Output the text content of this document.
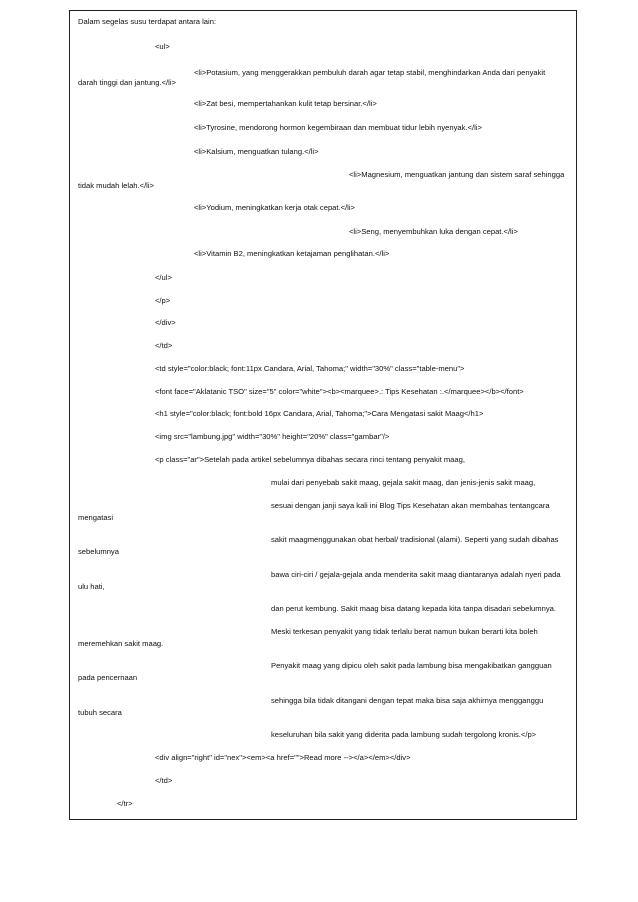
Dalam segelas susu terdapat antara lain:
<ul>
<li>Potasium, yang menggerakkan pembuluh darah agar tetap stabil, menghindarkan Anda dari penyakit
darah tinggi dan jantung.</li>
<li>Zat besi, mempertahankan kulit tetap bersinar.</li>
<li>Tyrosine, mendorong hormon kegembiraan dan membuat tidur lebih nyenyak.</li>
<li>Kalsium, menguatkan tulang.</li>
<li>Magnesium, menguatkan jantung dan sistem saraf sehingga
tidak mudah lelah.</li>
<li>Yodium, meningkatkan kerja otak cepat.</li>
<li>Seng, menyembuhkan luka dengan cepat.</li>
<li>Vitamin B2, meningkatkan ketajaman penglihatan.</li>
</ul>
</p>
</div>
</td>
<td style="color:black; font:11px Candara, Arial, Tahoma;" width="30%" class="table-menu">
<font face="Aklatanic TSO" size="5" color="white"><b><marquee>.: Tips Kesehatan :.</marquee></b></font>
<h1 style="color:black; font:bold 16px Candara, Arial, Tahoma;">Cara Mengatasi sakit Maag</h1>
<img src="lambung.jpg" width="30%" height="20%" class="gambar"/>
<p class="ar">Setelah pada artikel sebelumnya dibahas secara rinci tentang penyakit maag,
mulai dari penyebab sakit maag, gejala sakit maag, dan jenis-jenis sakit maag,
sesuai dengan janji saya kali ini Blog Tips Kesehatan akan membahas tentangcara
mengatasi
sakit maagmenggunakan obat herbal/ tradisional (alami). Seperti yang sudah dibahas
sebelumnya
bawa ciri-ciri / gejala-gejala anda menderita sakit maag diantaranya adalah nyeri pada
ulu hati,
dan perut kembung. Sakit maag bisa datang kepada kita tanpa disadari sebelumnya.
Meski terkesan penyakit yang tidak terlalu berat namun bukan berarti kita boleh
meremehkan sakit maag.
Penyakit maag yang dipicu oleh sakit pada lambung bisa mengakibatkan gangguan
pada pencernaan
sehingga bila tidak ditangani dengan tepat maka bisa saja akhirnya mengganggu
tubuh secara
keseluruhan bila sakit yang diderita pada lambung sudah tergolong kronis.</p>
<div align="right" id="nex"><em><a href="">Read more --></a></em></div>
</td>
</tr>
